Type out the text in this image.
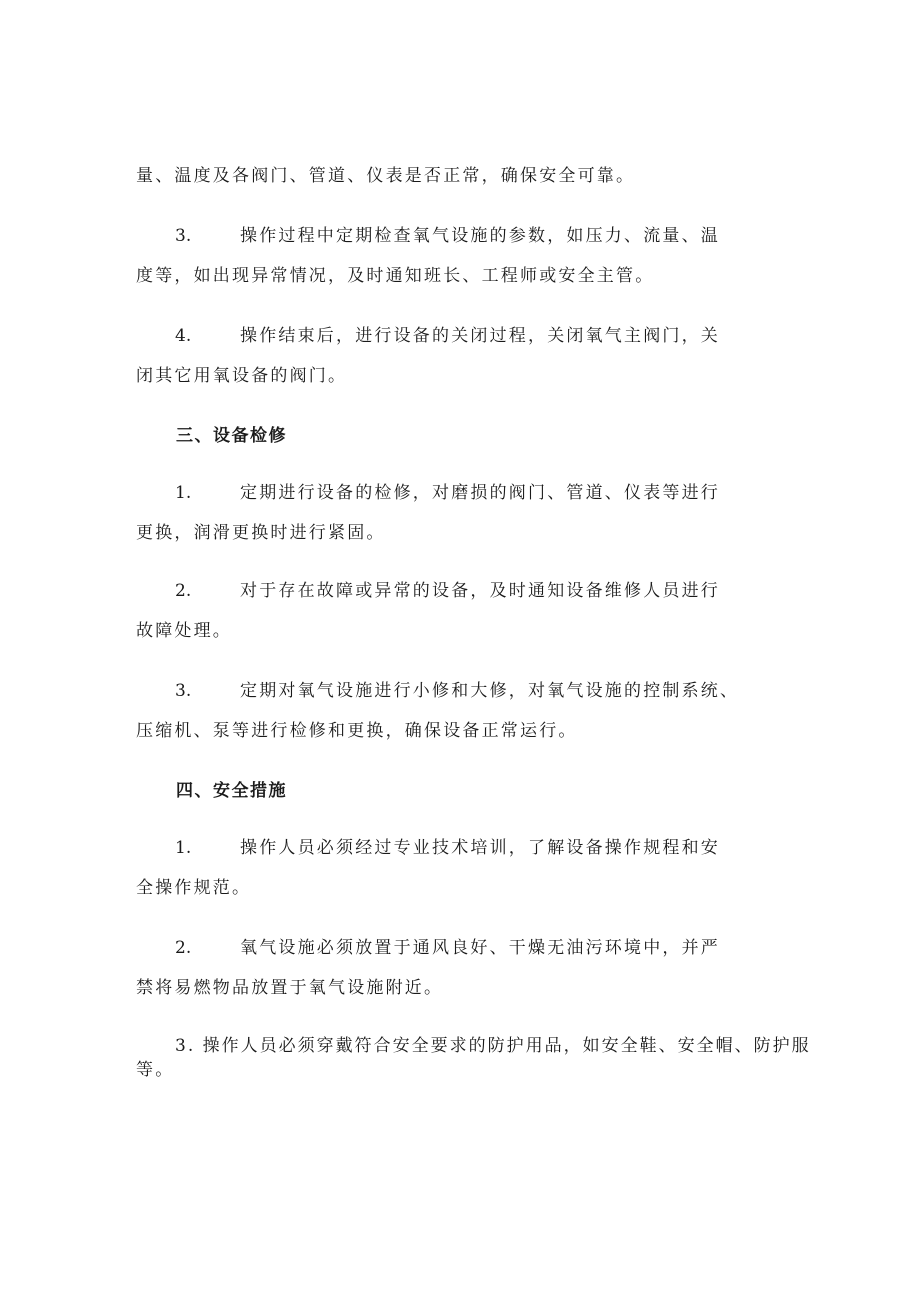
量、温度及各阀门、管道、仪表是否正常，确保安全可靠。
3.	操作过程中定期检查氧气设施的参数，如压力、流量、温
度等，如出现异常情况，及时通知班长、工程师或安全主管。
4.	操作结束后，进行设备的关闭过程，关闭氧气主阀门，关
闭其它用氧设备的阀门。
三、设备检修
1.	定期进行设备的检修，对磨损的阀门、管道、仪表等进行
更换，润滑更换时进行紧固。
2.	对于存在故障或异常的设备，及时通知设备维修人员进行
故障处理。
3.	定期对氧气设施进行小修和大修，对氧气设施的控制系统、
压缩机、泵等进行检修和更换，确保设备正常运行。
四、安全措施
1.	操作人员必须经过专业技术培训，了解设备操作规程和安
全操作规范。
2.	氧气设施必须放置于通风良好、干燥无油污环境中，并严
禁将易燃物品放置于氧气设施附近。
3. 操作人员必须穿戴符合安全要求的防护用品，如安全鞋、安全帽、防护服
等。
